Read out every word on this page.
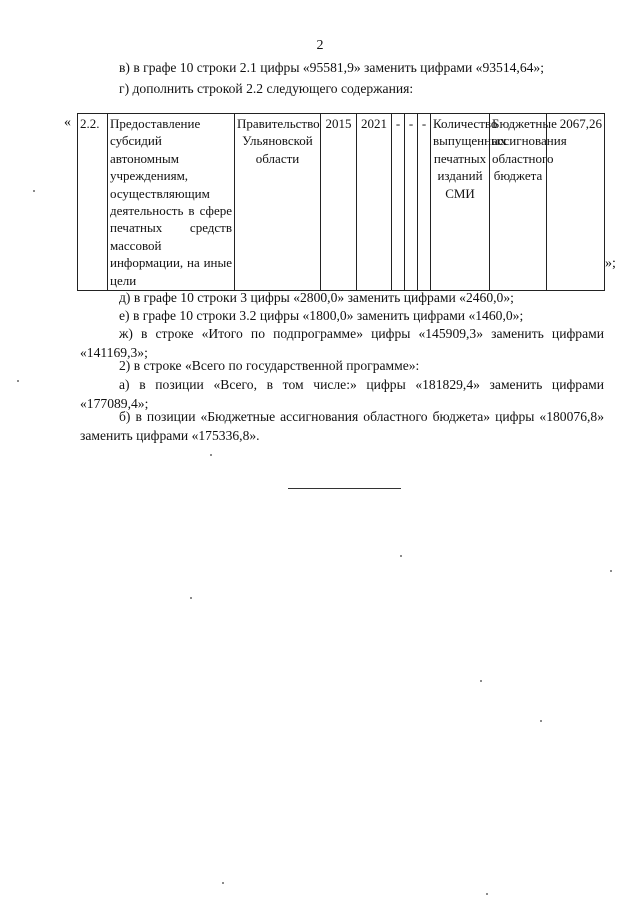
2
в) в графе 10 строки 2.1 цифры «95581,9» заменить цифрами «93514,64»;
г) дополнить строкой 2.2 следующего содержания:
« 2.2.	Предоставление субсидий автономным учреждениям, осуществляющим деятельность в сфере печатных средств массовой информации, на иные цели	Правительство Ульяновской области	2015	2021	-	-	-	Количество выпущенных печатных изданий СМИ	Бюджетные ассигнования областного бюджета	2067,26
»;
д) в графе 10 строки 3 цифры «2800,0» заменить цифрами «2460,0»;
е) в графе 10 строки 3.2 цифры «1800,0» заменить цифрами «1460,0»;
ж) в строке «Итого по подпрограмме» цифры «145909,3» заменить цифрами «141169,3»;
2) в строке «Всего по государственной программе»:
а) в позиции «Всего, в том числе:» цифры «181829,4» заменить цифрами «177089,4»;
б) в позиции «Бюджетные ассигнования областного бюджета» цифры «180076,8» заменить цифрами «175336,8».
